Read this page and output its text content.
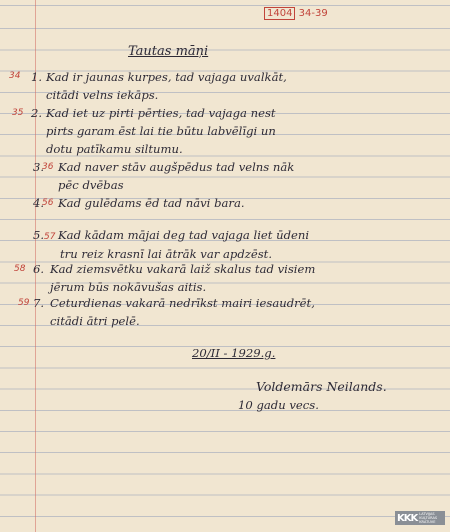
1404 34-39
Tautas māņi
34 1. Kad ir jaunas kurpes, tad vajaga uvalkāt,
citādi velns iekāps.
35 2. Kad iet uz pirti pērties, tad vajaga nest
pirts garam ēst lai tie būtu labvēlīgi un
dotu patīkamu siltumu.
36
3. Kad naver stāv augšpēdus tad velns nāk
pēc dvēbas
56
4. Kad gulēdams ēd tad nāvi bara.
57
5. Kad kādam mājai deg tad vajaga liet ūdeni
tru reiz krasnī lai ātrāk var apdzēst.
58 6. Kad ziemsvētku vakarā laiž skalus tad visiem
jērum būs nokāvušas aitis.
59 7. Ceturdienas vakarā nedrīkst mairi iesaudrēt,
citādi ātri pelē.
20/II - 1929.g.
Voldemārs Neilands.
10 gadu vecs.
KKK LATVIJAS KULTŪRAS KRĀTUVE
